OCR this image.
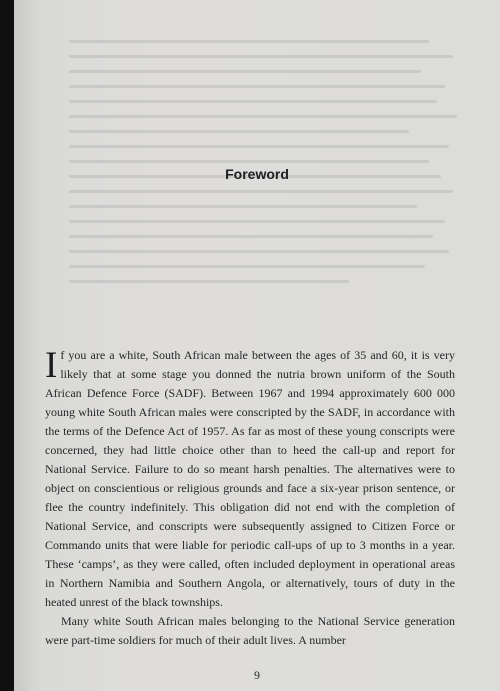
Foreword

If you are a white, South African male between the ages of 35 and 60, it is very likely that at some stage you donned the nutria brown uniform of the South African Defence Force (SADF). Between 1967 and 1994 approximately 600 000 young white South African males were conscripted by the SADF, in accordance with the terms of the Defence Act of 1957. As far as most of these young conscripts were concerned, they had little choice other than to heed the call-up and report for National Service. Failure to do so meant harsh penalties. The alternatives were to object on conscientious or religious grounds and face a six-year prison sentence, or flee the country indefinitely. This obligation did not end with the completion of National Service, and conscripts were subsequently assigned to Citizen Force or Commando units that were liable for periodic call-ups of up to 3 months in a year. These ‘camps’, as they were called, often included deployment in operational areas in Northern Namibia and Southern Angola, or alternatively, tours of duty in the heated unrest of the black townships.

Many white South African males belonging to the National Service generation were part-time soldiers for much of their adult lives. A number

9
